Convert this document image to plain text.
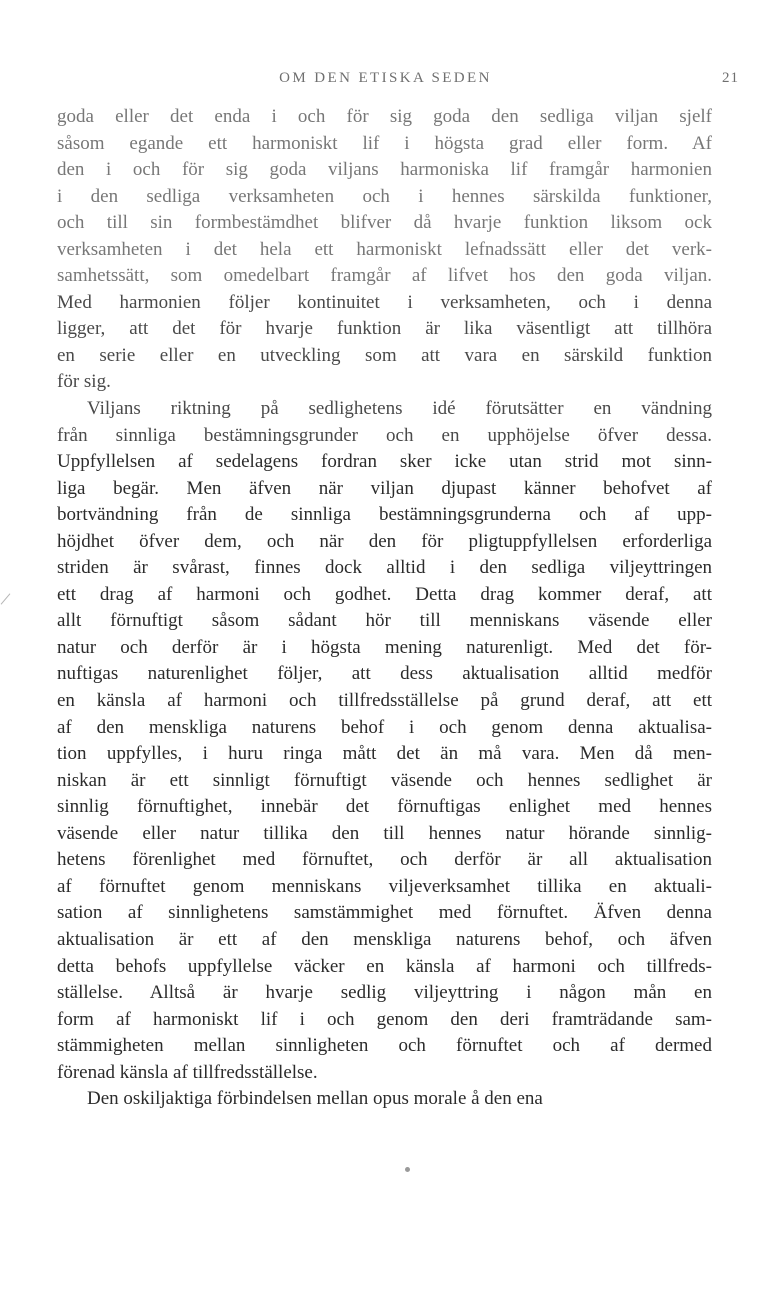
OM DEN ETISKA SEDEN	21
goda eller det enda i och för sig goda den sedliga viljan sjelf
såsom egande ett harmoniskt lif i högsta grad eller form. Af
den i och för sig goda viljans harmoniska lif framgår harmonien
i den sedliga verksamheten och i hennes särskilda funktioner,
och till sin formbestämdhet blifver då hvarje funktion liksom ock
verksamheten i det hela ett harmoniskt lefnadssätt eller det verk-
samhetssätt, som omedelbart framgår af lifvet hos den goda viljan.
Med harmonien följer kontinuitet i verksamheten, och i denna
ligger, att det för hvarje funktion är lika väsentligt att tillhöra
en serie eller en utveckling som att vara en särskild funktion
för sig.
Viljans riktning på sedlighetens idé förutsätter en vändning
från sinnliga bestämningsgrunder och en upphöjelse öfver dessa.
Uppfyllelsen af sedelagens fordran sker icke utan strid mot sinn-
liga begär. Men äfven när viljan djupast känner behofvet af
bortvändning från de sinnliga bestämningsgrunderna och af upp-
höjdhet öfver dem, och när den för pligtuppfyllelsen erforderliga
striden är svårast, finnes dock alltid i den sedliga viljeyttringen
ett drag af harmoni och godhet. Detta drag kommer deraf, att
allt förnuftigt såsom sådant hör till menniskans väsende eller
natur och derför är i högsta mening naturenligt. Med det för-
nuftigas naturenlighet följer, att dess aktualisation alltid medför
en känsla af harmoni och tillfredsställelse på grund deraf, att ett
af den menskliga naturens behof i och genom denna aktualisa-
tion uppfylles, i huru ringa mått det än må vara. Men då men-
niskan är ett sinnligt förnuftigt väsende och hennes sedlighet är
sinnlig förnuftighet, innebär det förnuftigas enlighet med hennes
väsende eller natur tillika den till hennes natur hörande sinnlig-
hetens förenlighet med förnuftet, och derför är all aktualisation
af förnuftet genom menniskans viljeverksamhet tillika en aktuali-
sation af sinnlighetens samstämmighet med förnuftet. Äfven denna
aktualisation är ett af den menskliga naturens behof, och äfven
detta behofs uppfyllelse väcker en känsla af harmoni och tillfreds-
ställelse. Alltså är hvarje sedlig viljeyttring i någon mån en
form af harmoniskt lif i och genom den deri framträdande sam-
stämmigheten mellan sinnligheten och förnuftet och af dermed
förenad känsla af tillfredsställelse.
Den oskiljaktiga förbindelsen mellan opus morale å den ena
